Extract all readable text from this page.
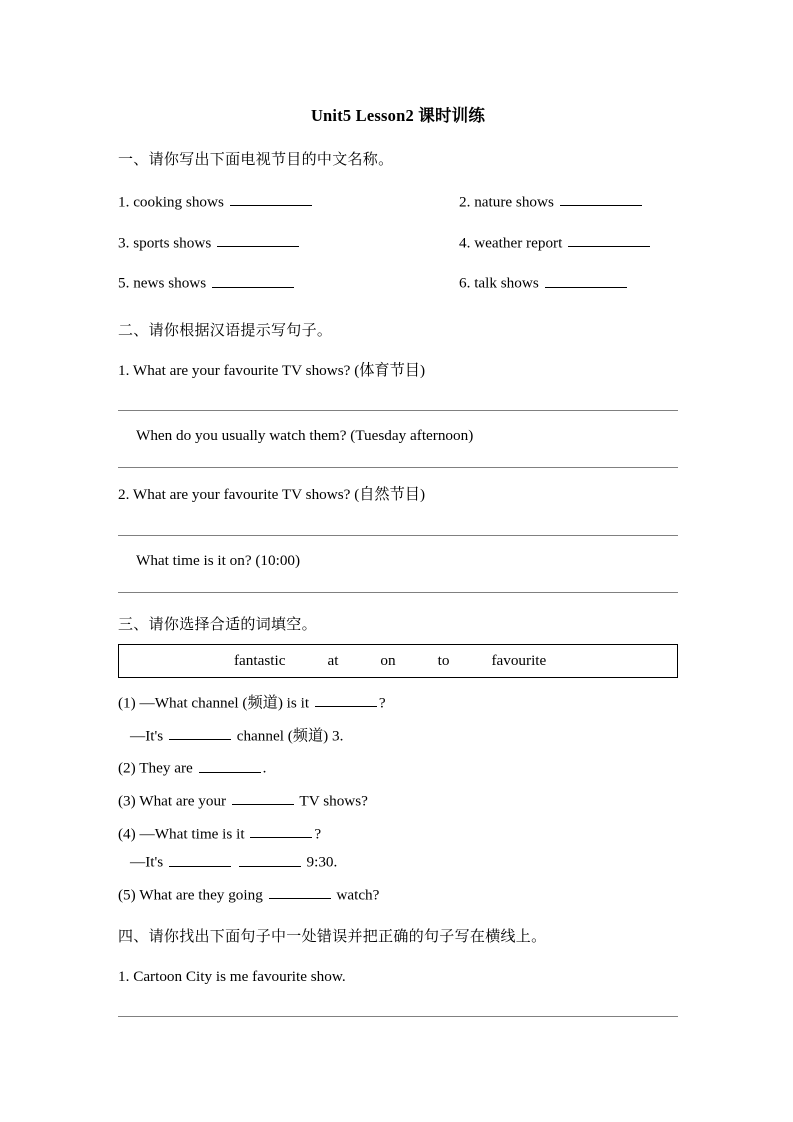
Unit5 Lesson2 课时训练
一、请你写出下面电视节目的中文名称。
1. cooking shows	2. nature shows
3. sports shows	4. weather report
5. news shows	6. talk shows
二、请你根据汉语提示写句子。
1. What are your favourite TV shows? (体育节目)
When do you usually watch them? (Tuesday afternoon)
2. What are your favourite TV shows? (自然节目)
What time is it on? (10:00)
三、请你选择合适的词填空。
fantastic	at	on	to	favourite
(1) —What channel (频道) is it	?
—It's	channel (频道) 3.
(2) They are	.
(3) What are your	TV shows?
(4) —What time is it	?
—It's	9:30.
(5) What are they going	watch?
四、请你找出下面句子中一处错误并把正确的句子写在横线上。
1. Cartoon City is me favourite show.
